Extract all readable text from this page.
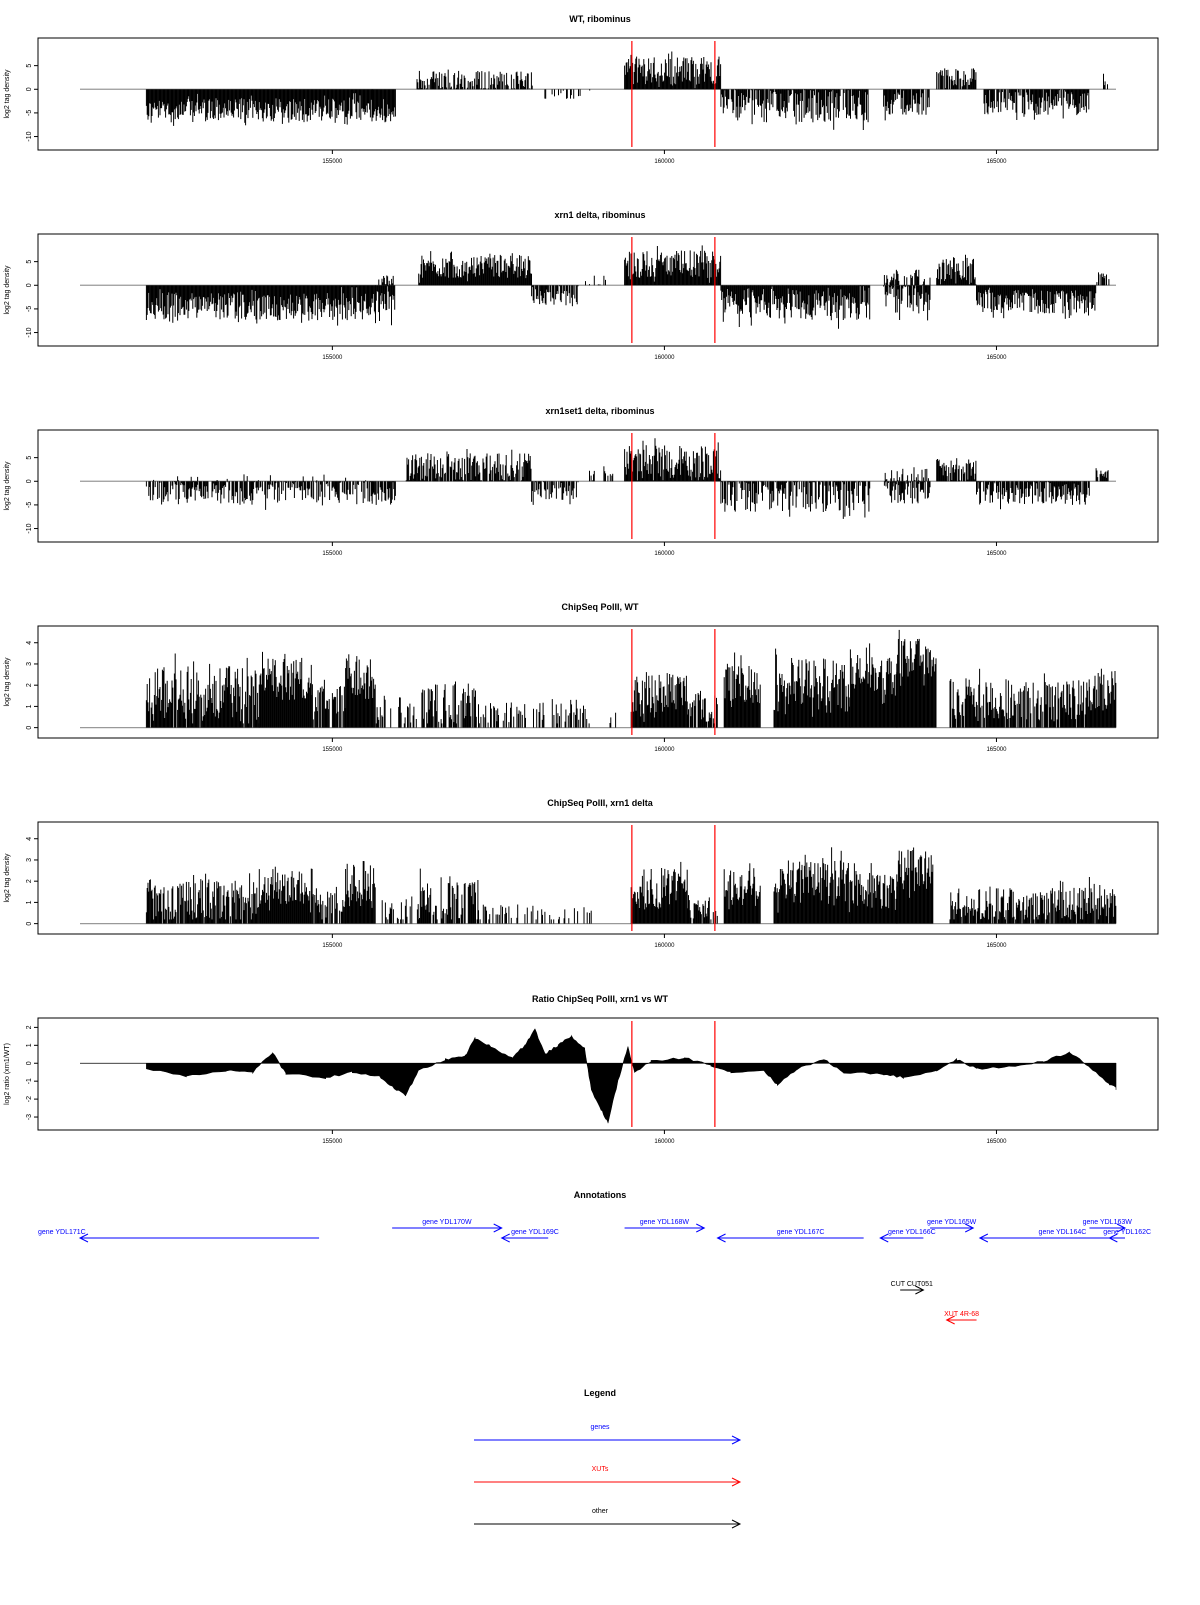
WT, ribominus
log2 tag density
5
0
-5
-10
155000	160000	165000
xrn1 delta, ribominus
log2 tag density
5
0
-5
-10
155000	160000	165000
xrn1set1 delta, ribominus
log2 tag density
5
0
-5
-10
155000	160000	165000
ChipSeq PolII, WT
log2 tag density
4
3
2
1
0
155000	160000	165000
ChipSeq PolII, xrn1 delta
log2 tag density
4
3
2
1
0
155000	160000	165000
Ratio ChipSeq PolII, xrn1 vs WT
log2 ratio (xrn1/WT)
2
1
0
-1
-2
-3
155000	160000	165000
Annotations
gene YDL171C
gene YDL170W
gene YDL169C
gene YDL168W
gene YDL167C	gene YDL166C
gene YDL165W
gene YDL164C
gene YDL163W
gene YDL162C
CUT CUT051
XUT 4R-68
Legend
genes
XUTs
other
